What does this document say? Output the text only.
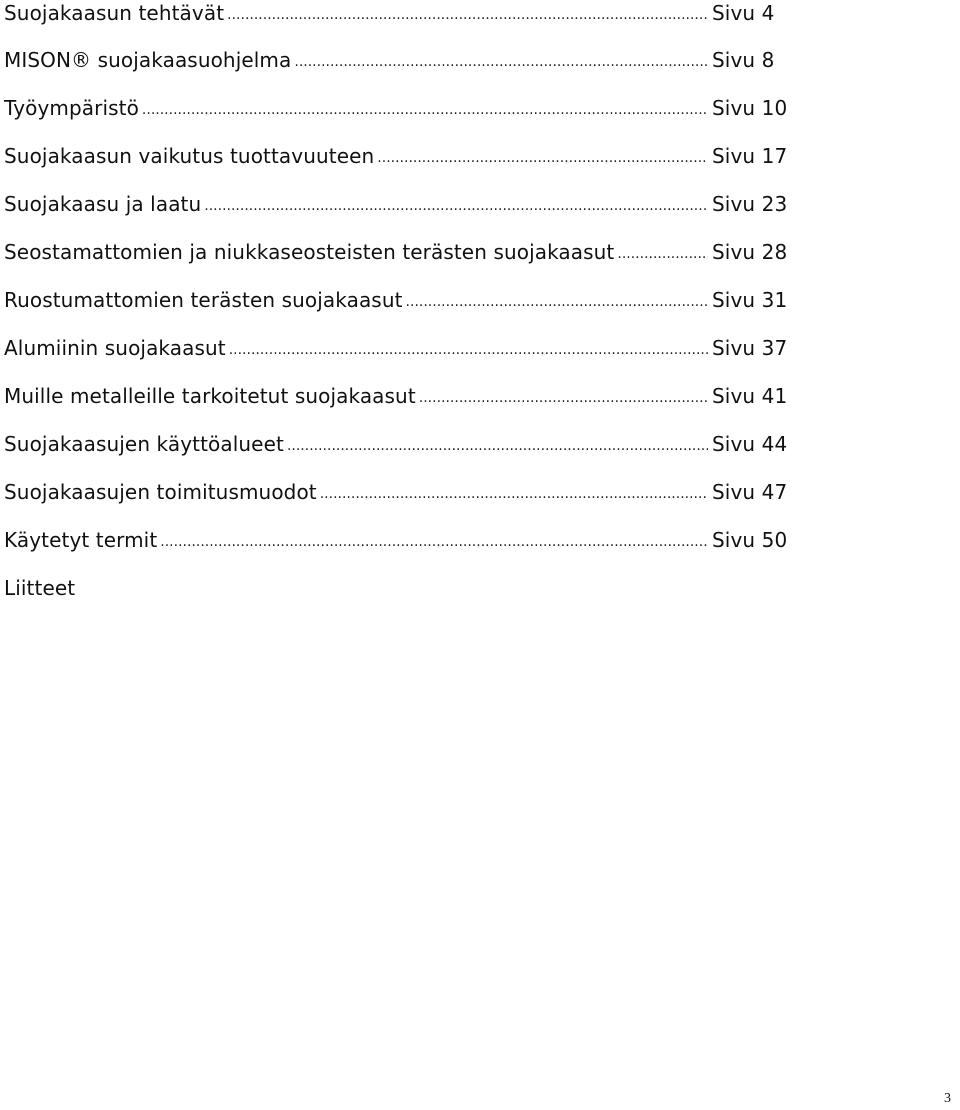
Suojakaasun tehtävät .....	Sivu 4
MISON® suojakaasuohjelma .....	Sivu 8
Työympäristö .....	Sivu 10
Suojakaasun vaikutus tuottavuuteen .....	Sivu 17
Suojakaasu ja laatu .....	Sivu 23
Seostamattomien ja niukkaseosteisten terästen suojakaasut .....	Sivu 28
Ruostumattomien terästen suojakaasut .....	Sivu 31
Alumiinin suojakaasut .....	Sivu 37
Muille metalleille tarkoitetut suojakaasut .....	Sivu 41
Suojakaasujen käyttöalueet .....	Sivu 44
Suojakaasujen toimitusmuodot .....	Sivu 47
Käytetyt termit .....	Sivu 50
Liitteet
3
